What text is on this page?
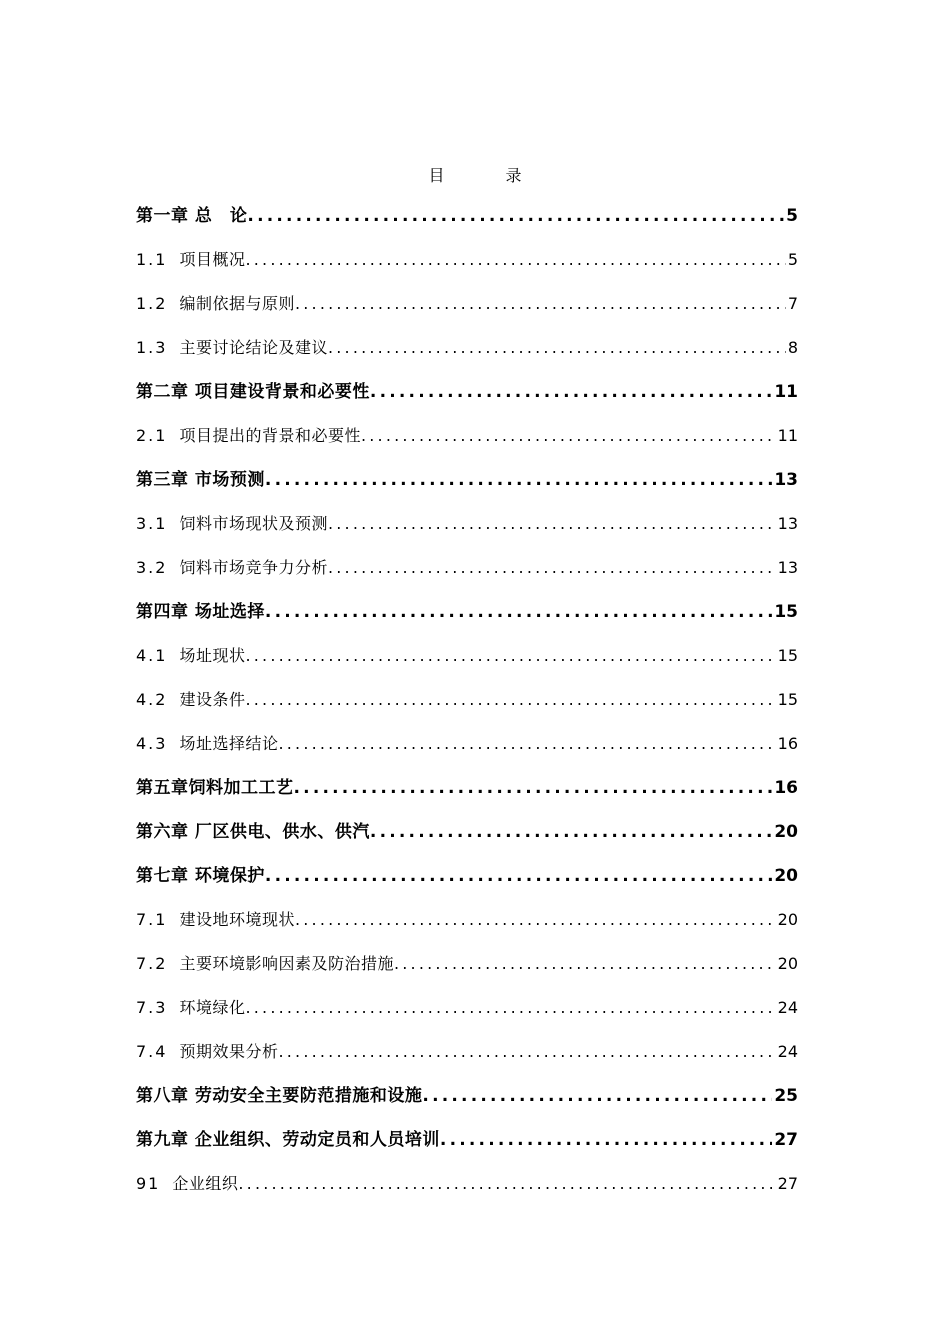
目 录
第一章 总　论 .....	5
1.1 项目概况 .....	5
1.2 编制依据与原则 .....	7
1.3 主要讨论结论及建议 .....	8
第二章 项目建设背景和必要性 .....	11
2.1 项目提出的背景和必要性 .....	11
第三章 市场预测 .....	13
3.1 饲料市场现状及预测 .....	13
3.2 饲料市场竞争力分析 .....	13
第四章 场址选择 .....	15
4.1 场址现状 .....	15
4.2 建设条件 .....	15
4.3 场址选择结论 .....	16
第五章饲料加工工艺 .....	16
第六章 厂区供电、供水、供汽 .....	20
第七章 环境保护 .....	20
7.1 建设地环境现状 .....	20
7.2 主要环境影响因素及防治措施 .....	20
7.3 环境绿化 .....	24
7.4 预期效果分析 .....	24
第八章 劳动安全主要防范措施和设施 .....	25
第九章 企业组织、劳动定员和人员培训 .....	27
91 企业组织 .....	27
